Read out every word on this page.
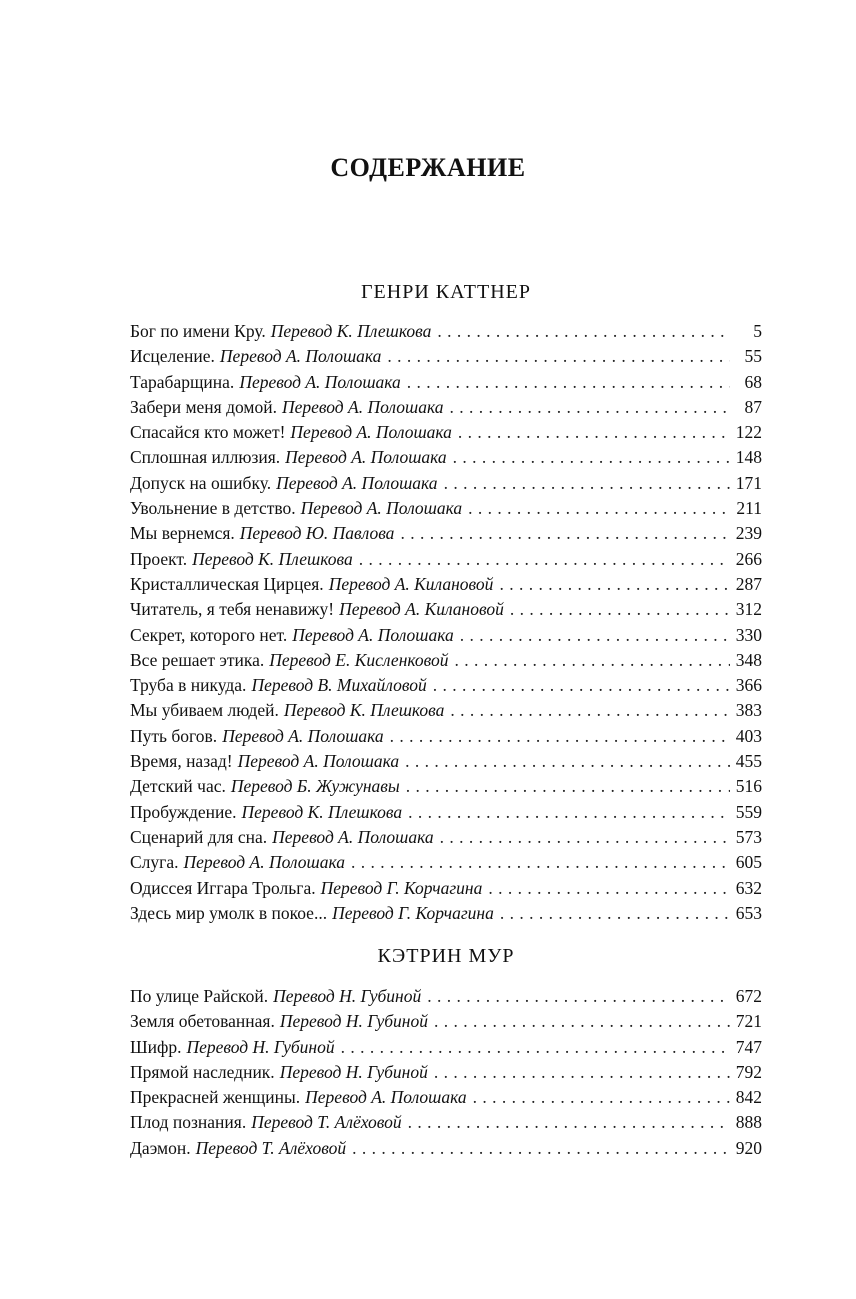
СОДЕРЖАНИЕ
ГЕНРИ КАТТНЕР
Бог по имени Кру. Перевод К. Плешкова . . .	5
Исцеление. Перевод А. Полошака . . .	55
Тарабарщина. Перевод А. Полошака . . .	68
Забери меня домой. Перевод А. Полошака . . .	87
Спасайся кто может! Перевод А. Полошака . . .	122
Сплошная иллюзия. Перевод А. Полошака . . .	148
Допуск на ошибку. Перевод А. Полошака . . .	171
Увольнение в детство. Перевод А. Полошака . . .	211
Мы вернемся. Перевод Ю. Павлова . . .	239
Проект. Перевод К. Плешкова . . .	266
Кристаллическая Цирцея. Перевод А. Килановой . . .	287
Читатель, я тебя ненавижу! Перевод А. Килановой . . .	312
Секрет, которого нет. Перевод А. Полошака . . .	330
Все решает этика. Перевод Е. Кисленковой . . .	348
Труба в никуда. Перевод В. Михайловой . . .	366
Мы убиваем людей. Перевод К. Плешкова . . .	383
Путь богов. Перевод А. Полошака . . .	403
Время, назад! Перевод А. Полошака . . .	455
Детский час. Перевод Б. Жужунавы . . .	516
Пробуждение. Перевод К. Плешкова . . .	559
Сценарий для сна. Перевод А. Полошака . . .	573
Слуга. Перевод А. Полошака . . .	605
Одиссея Иггара Трольга. Перевод Г. Корчагина . . .	632
Здесь мир умолк в покое... Перевод Г. Корчагина . . .	653
КЭТРИН МУР
По улице Райской. Перевод Н. Губиной . . .	672
Земля обетованная. Перевод Н. Губиной . . .	721
Шифр. Перевод Н. Губиной . . .	747
Прямой наследник. Перевод Н. Губиной . . .	792
Прекрасней женщины. Перевод А. Полошака . . .	842
Плод познания. Перевод Т. Алёховой . . .	888
Даэмон. Перевод Т. Алёховой . . .	920
